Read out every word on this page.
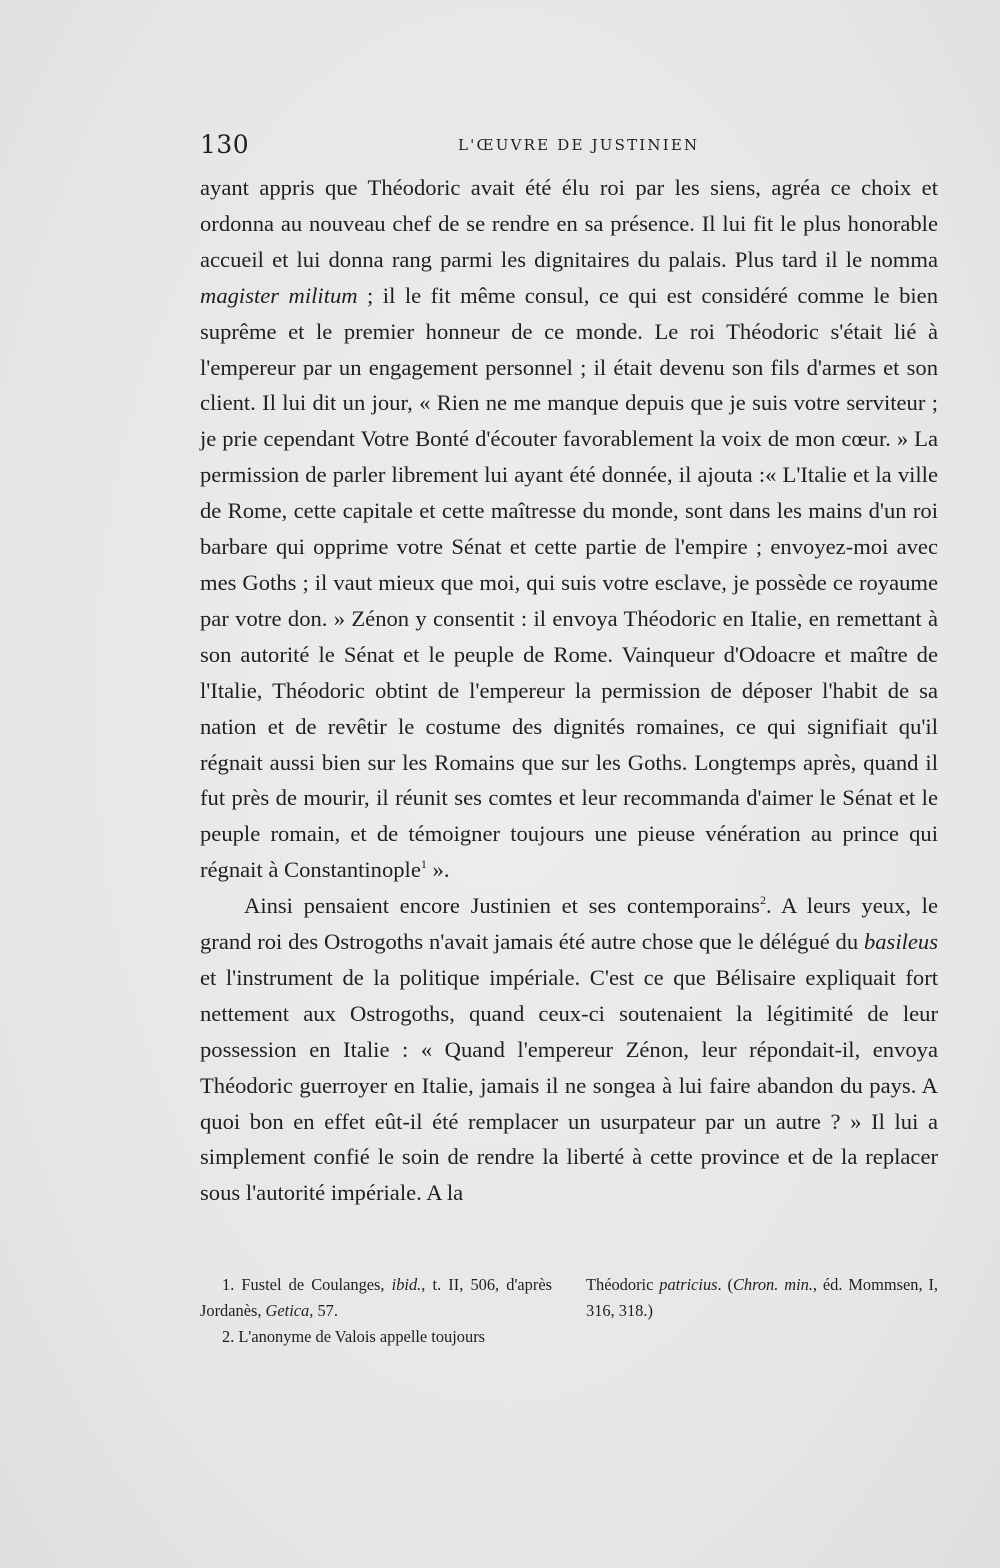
130	L'ŒUVRE DE JUSTINIEN

ayant appris que Théodoric avait été élu roi par les siens, agréa ce choix et ordonna au nouveau chef de se rendre en sa présence. Il lui fit le plus honorable accueil et lui donna rang parmi les dignitaires du palais. Plus tard il le nomma magister militum ; il le fit même consul, ce qui est considéré comme le bien suprême et le premier honneur de ce monde. Le roi Théodoric s'était lié à l'empereur par un engagement personnel ; il était devenu son fils d'armes et son client. Il lui dit un jour, « Rien ne me manque depuis que je suis votre serviteur ; je prie cependant Votre Bonté d'écouter favorablement la voix de mon cœur. » La permission de parler librement lui ayant été donnée, il ajouta :« L'Italie et la ville de Rome, cette capitale et cette maîtresse du monde, sont dans les mains d'un roi barbare qui opprime votre Sénat et cette partie de l'empire ; envoyez-moi avec mes Goths ; il vaut mieux que moi, qui suis votre esclave, je possède ce royaume par votre don. » Zénon y consentit : il envoya Théodoric en Italie, en remettant à son autorité le Sénat et le peuple de Rome. Vainqueur d'Odoacre et maître de l'Italie, Théodoric obtint de l'empereur la permission de déposer l'habit de sa nation et de revêtir le costume des dignités romaines, ce qui signifiait qu'il régnait aussi bien sur les Romains que sur les Goths. Longtemps après, quand il fut près de mourir, il réunit ses comtes et leur recommanda d'aimer le Sénat et le peuple romain, et de témoigner toujours une pieuse vénération au prince qui régnait à Constantinople$^1$ ».

Ainsi pensaient encore Justinien et ses contemporains$^2$. A leurs yeux, le grand roi des Ostrogoths n'avait jamais été autre chose que le délégué du basileus et l'instrument de la politique impériale. C'est ce que Bélisaire expliquait fort nettement aux Ostrogoths, quand ceux-ci soutenaient la légitimité de leur possession en Italie : « Quand l'empereur Zénon, leur répondait-il, envoya Théodoric guerroyer en Italie, jamais il ne songea à lui faire abandon du pays. A quoi bon en effet eût-il été remplacer un usurpateur par un autre ? » Il lui a simplement confié le soin de rendre la liberté à cette province et de la replacer sous l'autorité impériale. A la

1. Fustel de Coulanges, ibid., t. II, 506, d'après Jordanès, Getica, 57.

2. L'anonyme de Valois appelle toujours

Théodoric patricius. (Chron. min., éd. Mommsen, I, 316, 318.)
